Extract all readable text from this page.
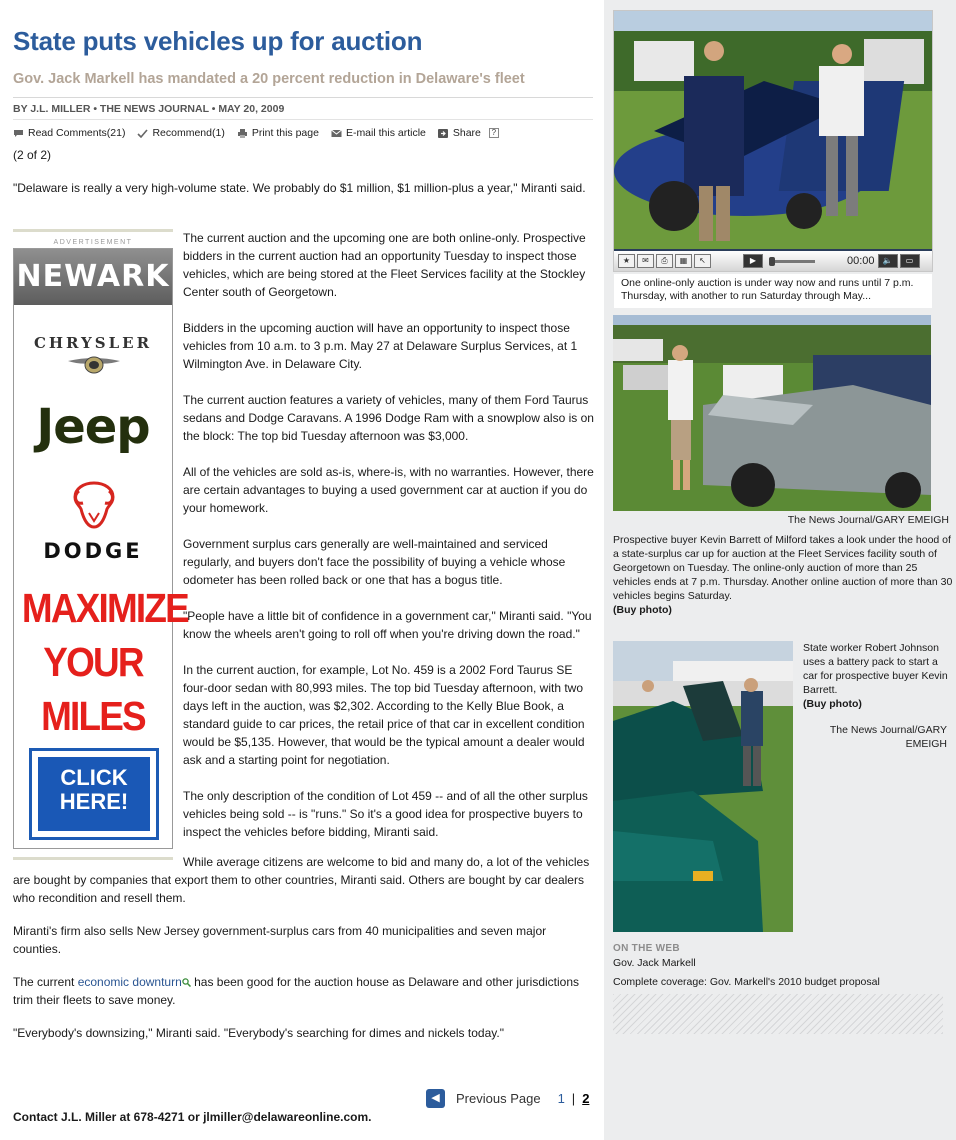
State puts vehicles up for auction
Gov. Jack Markell has mandated a 20 percent reduction in Delaware's fleet
BY J.L. MILLER • THE NEWS JOURNAL • MAY 20, 2009
Read Comments(21)	Recommend(1)	Print this page	E-mail this article	Share	?
(2 of 2)

"Delaware is really a very high-volume state. We probably do $1 million, $1 million-plus a year," Miranti said.

ADVERTISEMENT
NEWARK
CHRYSLER
Jeep
DODGE
MAXIMIZE
YOUR
MILES
CLICK
HERE!

The current auction and the upcoming one are both online-only. Prospective bidders in the current auction had an opportunity Tuesday to inspect those vehicles, which are being stored at the Fleet Services facility at the Stockley Center south of Georgetown.

Bidders in the upcoming auction will have an opportunity to inspect those vehicles from 10 a.m. to 3 p.m. May 27 at Delaware Surplus Services, at 1 Wilmington Ave. in Delaware City.

The current auction features a variety of vehicles, many of them Ford Taurus sedans and Dodge Caravans. A 1996 Dodge Ram with a snowplow also is on the block: The top bid Tuesday afternoon was $3,000.

All of the vehicles are sold as-is, where-is, with no warranties. However, there are certain advantages to buying a used government car at auction if you do your homework.

Government surplus cars generally are well-maintained and serviced regularly, and buyers don't face the possibility of buying a vehicle whose odometer has been rolled back or one that has a bogus title.

"People have a little bit of confidence in a government car," Miranti said. "You know the wheels aren't going to roll off when you're driving down the road."

In the current auction, for example, Lot No. 459 is a 2002 Ford Taurus SE four-door sedan with 80,993 miles. The top bid Tuesday afternoon, with two days left in the auction, was $2,302. According to the Kelly Blue Book, a standard guide to car prices, the retail price of that car in excellent condition would be $5,135. However, that would be the typical amount a dealer would ask and a starting point for negotiation.

The only description of the condition of Lot 459 -- and of all the other surplus vehicles being sold -- is "runs." So it's a good idea for prospective buyers to inspect the vehicles before bidding, Miranti said.

While average citizens are welcome to bid and many do, a lot of the vehicles are bought by companies that export them to other countries, Miranti said. Others are bought by car dealers who recondition and resell them.

Miranti's firm also sells New Jersey government-surplus cars from 40 municipalities and seven major counties.

The current economic downturn has been good for the auction house as Delaware and other jurisdictions trim their fleets to save money.

"Everybody's downsizing," Miranti said. "Everybody's searching for dimes and nickels today."

◀	Previous Page 1 | 2
Contact J.L. Miller at 678-4271 or jlmiller@delawareonline.com.
★	✉	⎙	▦	↖	▶	00:00	🔈	▭
One online-only auction is under way now and runs until 7 p.m. Thursday, with another to run Saturday through May...
The News Journal/GARY EMEIGH
Prospective buyer Kevin Barrett of Milford takes a look under the hood of a state-surplus car up for auction at the Fleet Services facility south of Georgetown on Tuesday. The online-only auction of more than 25 vehicles ends at 7 p.m. Thursday. Another online auction of more than 30 vehicles begins Saturday.
(Buy photo)
State worker Robert Johnson uses a battery pack to start a car for prospective buyer Kevin Barrett.
(Buy photo)
The News Journal/GARY EMEIGH
ON THE WEB
Gov. Jack Markell
Complete coverage: Gov. Markell's 2010 budget proposal
